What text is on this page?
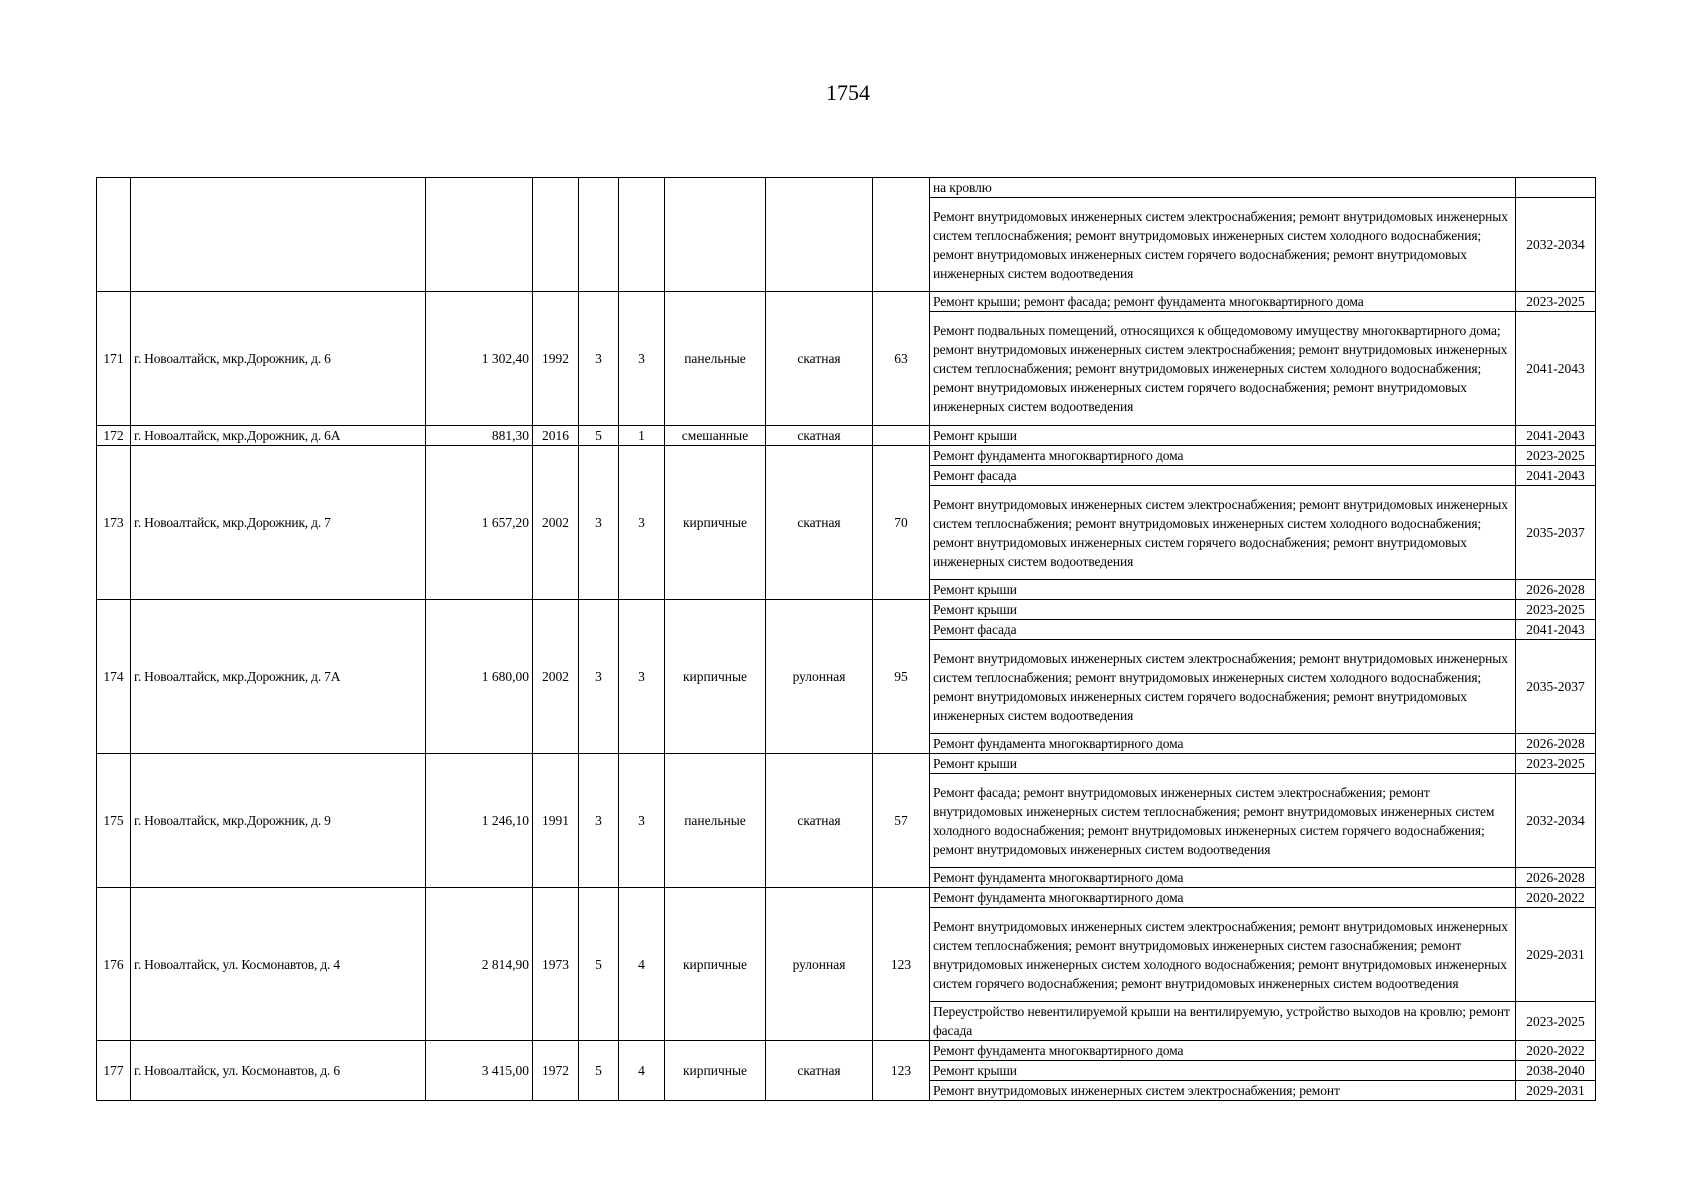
1754
									на кровлю	
									Ремонт внутридомовых инженерных систем электроснабжения; ремонт внутридомовых инженерных систем теплоснабжения; ремонт внутридомовых инженерных систем холодного водоснабжения; ремонт внутридомовых инженерных систем горячего водоснабжения; ремонт внутридомовых инженерных систем водоотведения	2032-2034
171	г. Новоалтайск, мкр.Дорожник, д. 6	1 302,40	1992	3	3	панельные	скатная	63	Ремонт крыши; ремонт фасада; ремонт фундамента многоквартирного дома	2023-2025
									Ремонт подвальных помещений, относящихся к общедомовому имуществу многоквартирного дома; ремонт внутридомовых инженерных систем электроснабжения; ремонт внутридомовых инженерных систем теплоснабжения; ремонт внутридомовых инженерных систем холодного водоснабжения; ремонт внутридомовых инженерных систем горячего водоснабжения; ремонт внутридомовых инженерных систем водоотведения	2041-2043
172	г. Новоалтайск, мкр.Дорожник, д. 6А	881,30	2016	5	1	смешанные	скатная		Ремонт крыши	2041-2043
173	г. Новоалтайск, мкр.Дорожник, д. 7	1 657,20	2002	3	3	кирпичные	скатная	70	Ремонт фундамента многоквартирного дома	2023-2025
									Ремонт фасада	2041-2043
									Ремонт внутридомовых инженерных систем электроснабжения; ремонт внутридомовых инженерных систем теплоснабжения; ремонт внутридомовых инженерных систем холодного водоснабжения; ремонт внутридомовых инженерных систем горячего водоснабжения; ремонт внутридомовых инженерных систем водоотведения	2035-2037
									Ремонт крыши	2026-2028
174	г. Новоалтайск, мкр.Дорожник, д. 7А	1 680,00	2002	3	3	кирпичные	рулонная	95	Ремонт крыши	2023-2025
									Ремонт фасада	2041-2043
									Ремонт внутридомовых инженерных систем электроснабжения; ремонт внутридомовых инженерных систем теплоснабжения; ремонт внутридомовых инженерных систем холодного водоснабжения; ремонт внутридомовых инженерных систем горячего водоснабжения; ремонт внутридомовых инженерных систем водоотведения	2035-2037
									Ремонт фундамента многоквартирного дома	2026-2028
175	г. Новоалтайск, мкр.Дорожник, д. 9	1 246,10	1991	3	3	панельные	скатная	57	Ремонт крыши	2023-2025
									Ремонт фасада; ремонт внутридомовых инженерных систем электроснабжения; ремонт внутридомовых инженерных систем теплоснабжения; ремонт внутридомовых инженерных систем холодного водоснабжения; ремонт внутридомовых инженерных систем горячего водоснабжения; ремонт внутридомовых инженерных систем водоотведения	2032-2034
									Ремонт фундамента многоквартирного дома	2026-2028
176	г. Новоалтайск, ул. Космонавтов, д. 4	2 814,90	1973	5	4	кирпичные	рулонная	123	Ремонт фундамента многоквартирного дома	2020-2022
									Ремонт внутридомовых инженерных систем электроснабжения; ремонт внутридомовых инженерных систем теплоснабжения; ремонт внутридомовых инженерных систем газоснабжения; ремонт внутридомовых инженерных систем холодного водоснабжения; ремонт внутридомовых инженерных систем горячего водоснабжения; ремонт внутридомовых инженерных систем водоотведения	2029-2031
									Переустройство невентилируемой крыши на вентилируемую, устройство выходов на кровлю; ремонт фасада	2023-2025
177	г. Новоалтайск, ул. Космонавтов, д. 6	3 415,00	1972	5	4	кирпичные	скатная	123	Ремонт фундамента многоквартирного дома	2020-2022
									Ремонт крыши	2038-2040
									Ремонт внутридомовых инженерных систем электроснабжения; ремонт	2029-2031
